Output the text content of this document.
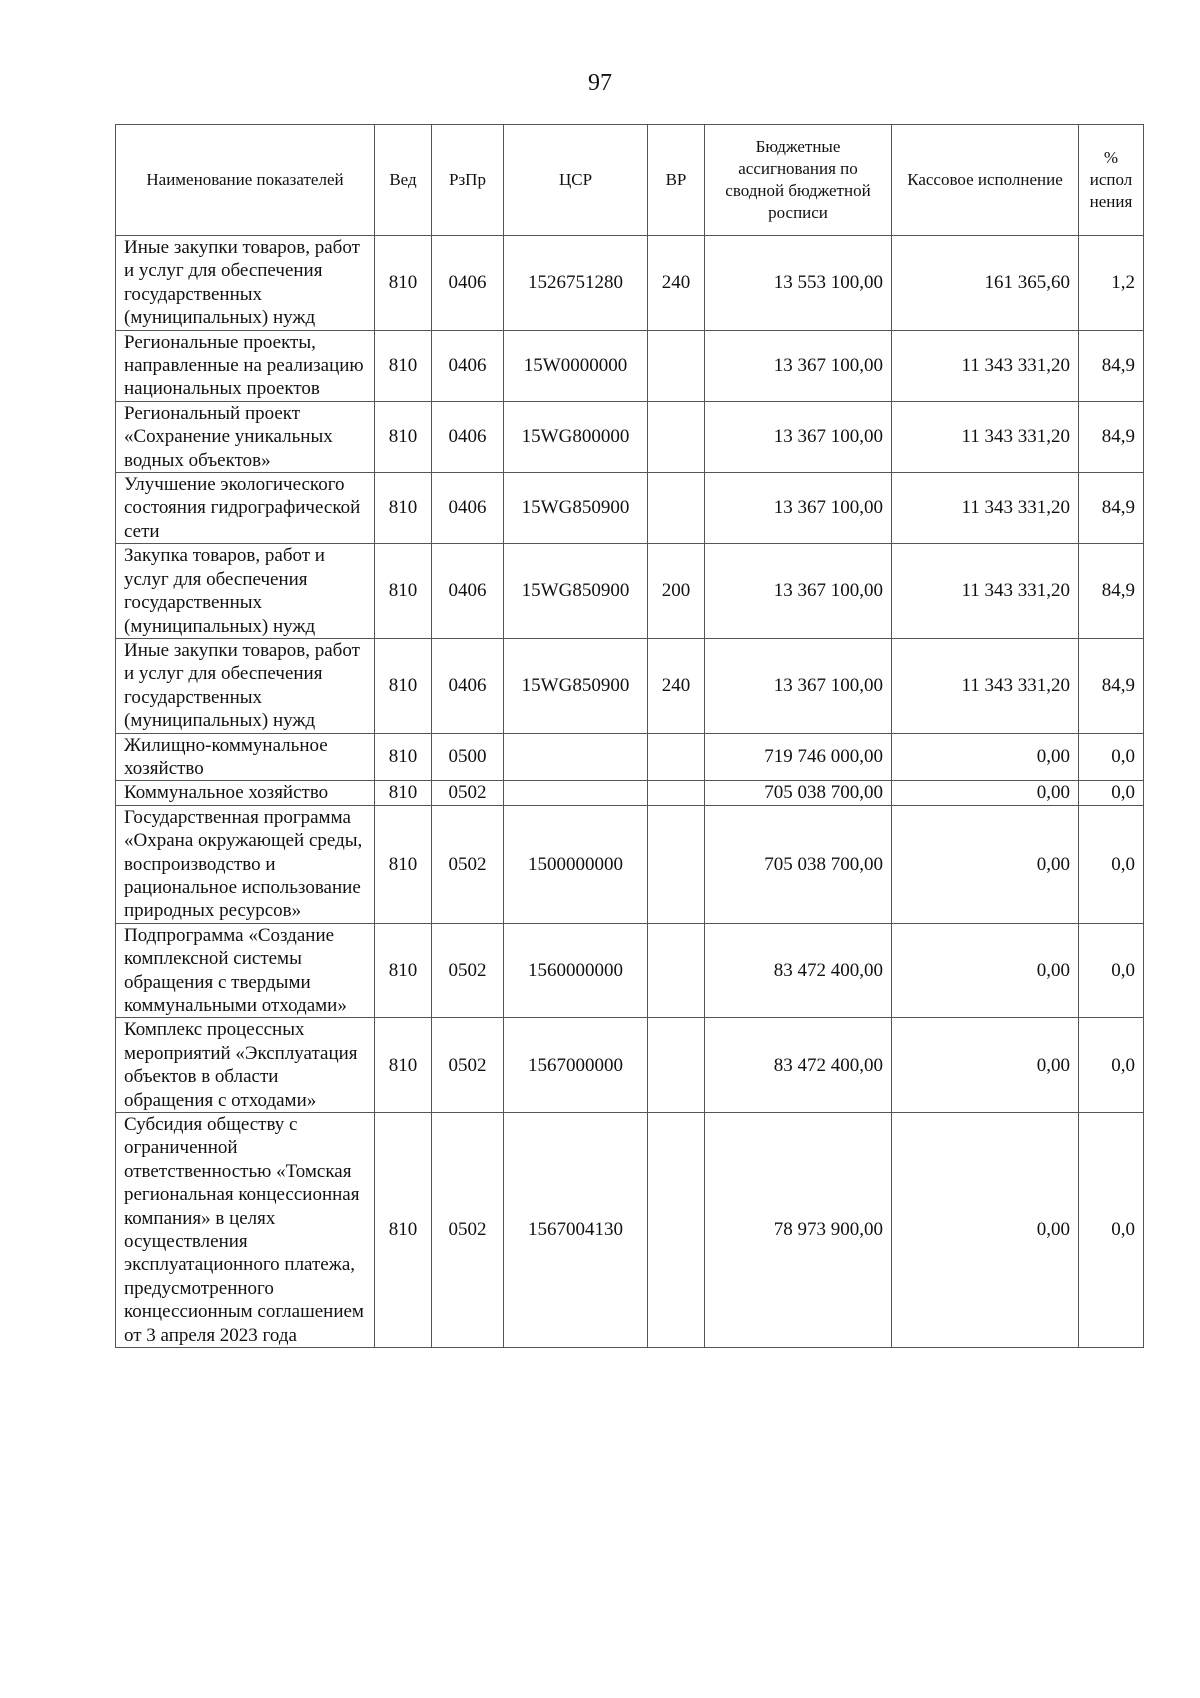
97
Наименование показателей	Вед	РзПр	ЦСР	ВР	Бюджетные ассигнования по сводной бюджетной росписи	Кассовое исполнение	% испол нения
Иные закупки товаров, работ и услуг для обеспечения государственных (муниципальных) нужд	810	0406	1526751280	240	13 553 100,00	161 365,60	1,2
Региональные проекты, направленные на реализацию национальных проектов	810	0406	15W0000000		13 367 100,00	11 343 331,20	84,9
Региональный проект «Сохранение уникальных водных объектов»	810	0406	15WG800000		13 367 100,00	11 343 331,20	84,9
Улучшение экологического состояния гидрографической сети	810	0406	15WG850900		13 367 100,00	11 343 331,20	84,9
Закупка товаров, работ и услуг для обеспечения государственных (муниципальных) нужд	810	0406	15WG850900	200	13 367 100,00	11 343 331,20	84,9
Иные закупки товаров, работ и услуг для обеспечения государственных (муниципальных) нужд	810	0406	15WG850900	240	13 367 100,00	11 343 331,20	84,9
Жилищно-коммунальное хозяйство	810	0500			719 746 000,00	0,00	0,0
Коммунальное хозяйство	810	0502			705 038 700,00	0,00	0,0
Государственная программа «Охрана окружающей среды, воспроизводство и рациональное использование природных ресурсов»	810	0502	1500000000		705 038 700,00	0,00	0,0
Подпрограмма «Создание комплексной системы обращения с твердыми коммунальными отходами»	810	0502	1560000000		83 472 400,00	0,00	0,0
Комплекс процессных мероприятий «Эксплуатация объектов в области обращения с отходами»	810	0502	1567000000		83 472 400,00	0,00	0,0
Субсидия обществу с ограниченной ответственностью «Томская региональная концессионная компания» в целях осуществления эксплуатационного платежа, предусмотренного концессионным соглашением от 3 апреля 2023 года	810	0502	1567004130		78 973 900,00	0,00	0,0
